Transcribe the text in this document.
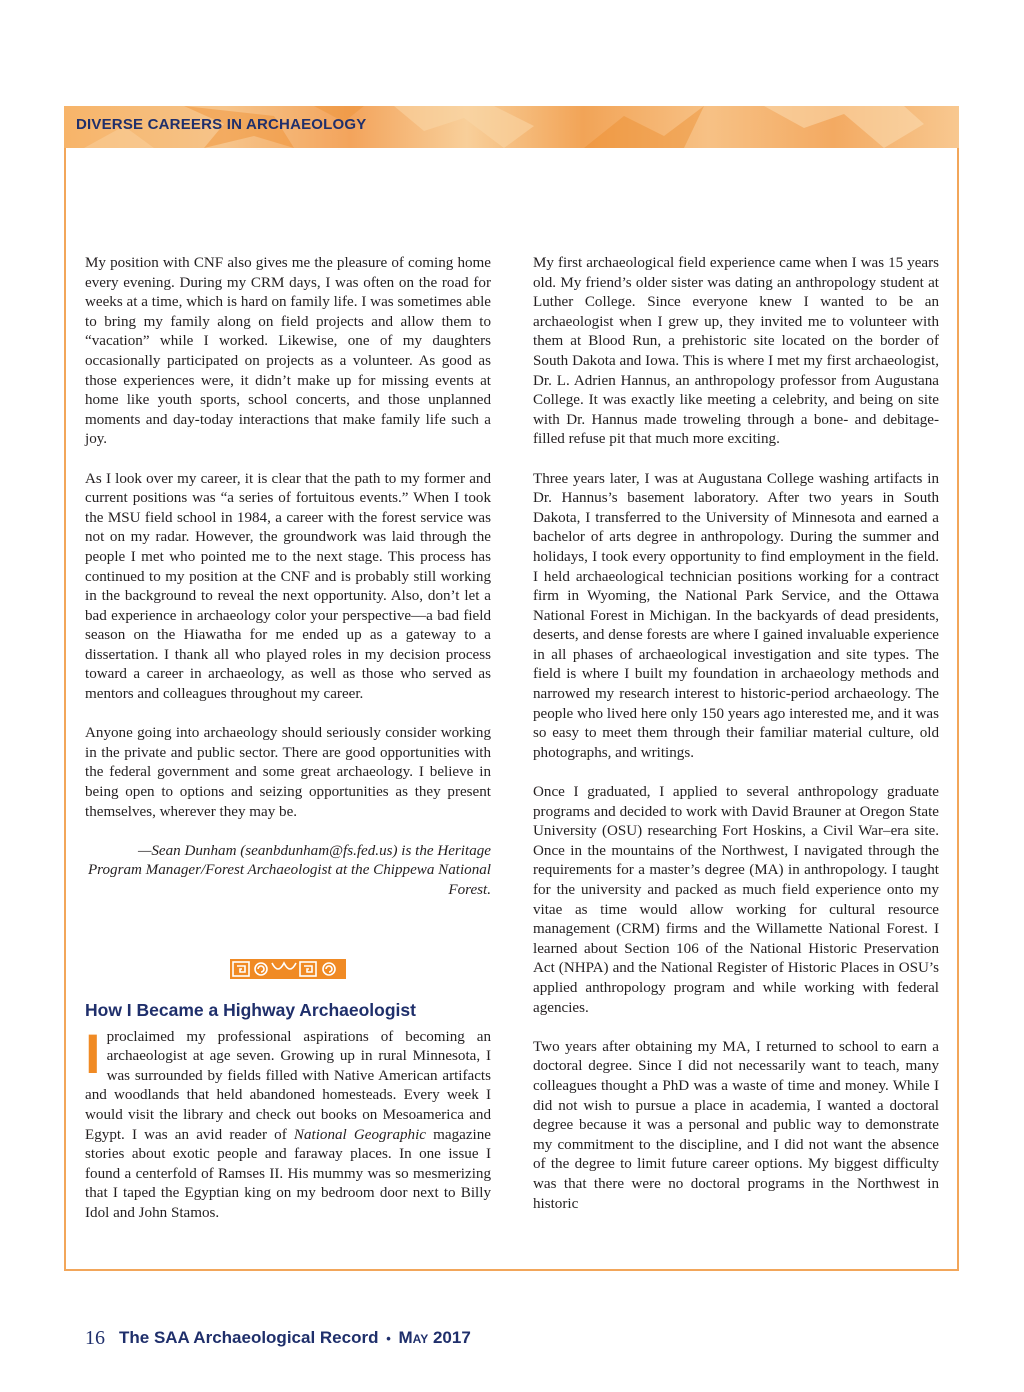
DIVERSE CAREERS IN ARCHAEOLOGY

My position with CNF also gives me the pleasure of coming home every evening. During my CRM days, I was often on the road for weeks at a time, which is hard on family life. I was sometimes able to bring my family along on field projects and allow them to “vacation” while I worked. Likewise, one of my daughters occasionally participated on projects as a volunteer. As good as those experiences were, it didn’t make up for missing events at home like youth sports, school concerts, and those unplanned moments and day-today interactions that make family life such a joy.

As I look over my career, it is clear that the path to my former and current positions was “a series of fortuitous events.” When I took the MSU field school in 1984, a career with the forest service was not on my radar. However, the groundwork was laid through the people I met who pointed me to the next stage. This process has continued to my position at the CNF and is probably still working in the background to reveal the next opportunity. Also, don’t let a bad experience in archaeology color your perspective—a bad field season on the Hiawatha for me ended up as a gateway to a dissertation. I thank all who played roles in my decision process toward a career in archaeology, as well as those who served as mentors and colleagues throughout my career.

Anyone going into archaeology should seriously consider working in the private and public sector. There are good opportunities with the federal government and some great archaeology. I believe in being open to options and seizing opportunities as they present themselves, wherever they may be.

—Sean Dunham (seanbdunham@fs.fed.us) is the Heritage Program Manager/Forest Archaeologist at the Chippewa National Forest.

How I Became a Highway Archaeologist

I proclaimed my professional aspirations of becoming an archaeologist at age seven. Growing up in rural Minnesota, I was surrounded by fields filled with Native American artifacts and woodlands that held abandoned homesteads. Every week I would visit the library and check out books on Mesoamerica and Egypt. I was an avid reader of National Geographic magazine stories about exotic people and faraway places. In one issue I found a centerfold of Ramses II. His mummy was so mesmerizing that I taped the Egyptian king on my bedroom door next to Billy Idol and John Stamos.

My first archaeological field experience came when I was 15 years old. My friend’s older sister was dating an anthropology student at Luther College. Since everyone knew I wanted to be an archaeologist when I grew up, they invited me to volunteer with them at Blood Run, a prehistoric site located on the border of South Dakota and Iowa. This is where I met my first archaeologist, Dr. L. Adrien Hannus, an anthropology professor from Augustana College. It was exactly like meeting a celebrity, and being on site with Dr. Hannus made troweling through a bone- and debitage-filled refuse pit that much more exciting.

Three years later, I was at Augustana College washing artifacts in Dr. Hannus’s basement laboratory. After two years in South Dakota, I transferred to the University of Minnesota and earned a bachelor of arts degree in anthropology. During the summer and holidays, I took every opportunity to find employment in the field. I held archaeological technician positions working for a contract firm in Wyoming, the National Park Service, and the Ottawa National Forest in Michigan. In the backyards of dead presidents, deserts, and dense forests are where I gained invaluable experience in all phases of archaeological investigation and site types. The field is where I built my foundation in archaeology methods and narrowed my research interest to historic-period archaeology. The people who lived here only 150 years ago interested me, and it was so easy to meet them through their familiar material culture, old photographs, and writings.

Once I graduated, I applied to several anthropology graduate programs and decided to work with David Brauner at Oregon State University (OSU) researching Fort Hoskins, a Civil War–era site. Once in the mountains of the Northwest, I navigated through the requirements for a master’s degree (MA) in anthropology. I taught for the university and packed as much field experience onto my vitae as time would allow working for cultural resource management (CRM) firms and the Willamette National Forest. I learned about Section 106 of the National Historic Preservation Act (NHPA) and the National Register of Historic Places in OSU’s applied anthropology program and while working with federal agencies.

Two years after obtaining my MA, I returned to school to earn a doctoral degree. Since I did not necessarily want to teach, many colleagues thought a PhD was a waste of time and money. While I did not wish to pursue a place in academia, I wanted a doctoral degree because it was a personal and public way to demonstrate my commitment to the discipline, and I did not want the absence of the degree to limit future career options. My biggest difficulty was that there were no doctoral programs in the Northwest in historic

16 The SAA Archaeological Record • May 2017
